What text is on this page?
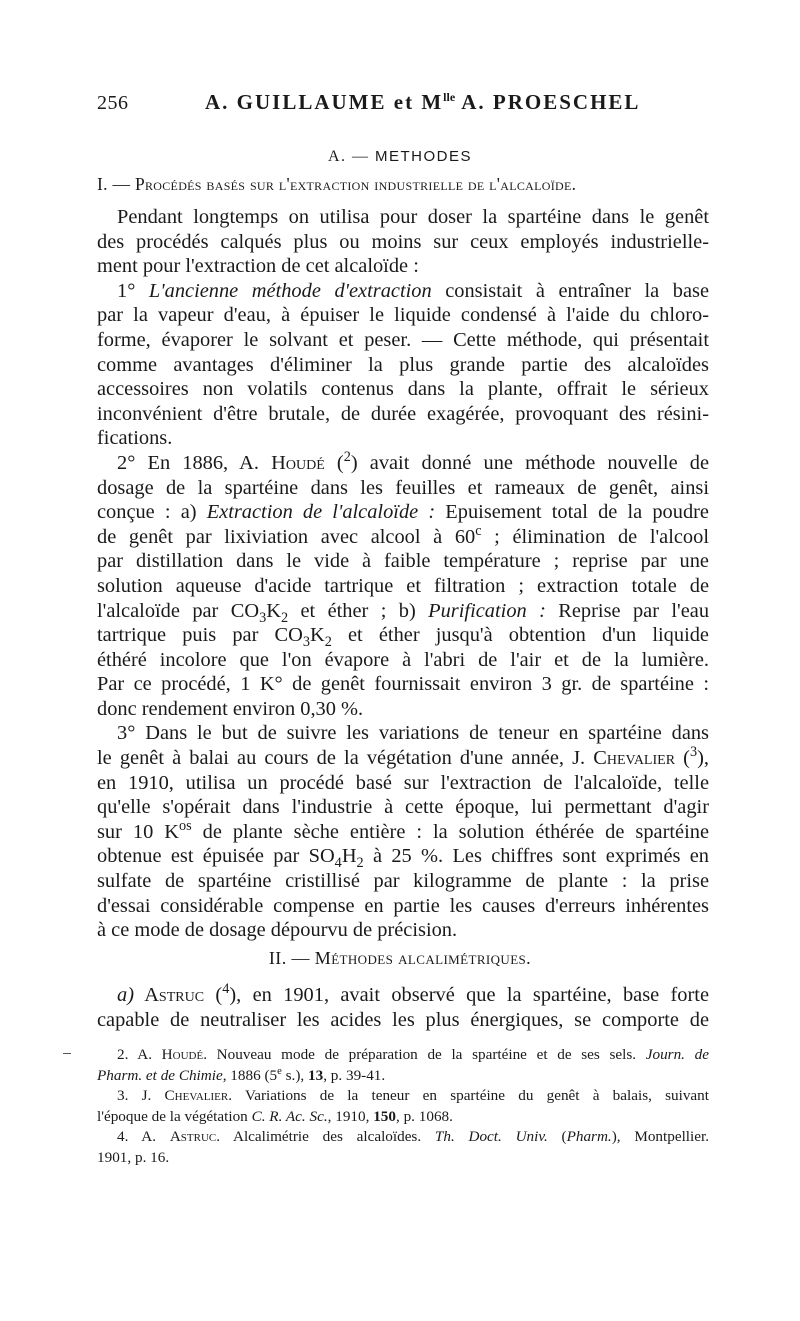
256	A. GUILLAUME et $M^{lle}$ A. PROESCHEL
A. — METHODES
I. — Procédés basés sur l'extraction industrielle de l'alcaloïde.

Pendant longtemps on utilisa pour doser la spartéine dans le genêt
des procédés calqués plus ou moins sur ceux employés industrielle-
ment pour l'extraction de cet alcaloïde :

1° L'ancienne méthode d'extraction consistait à entraîner la base
par la vapeur d'eau, à épuiser le liquide condensé à l'aide du chloro-
forme, évaporer le solvant et peser. — Cette méthode, qui présentait
comme avantages d'éliminer la plus grande partie des alcaloïdes
accessoires non volatils contenus dans la plante, offrait le sérieux
inconvénient d'être brutale, de durée exagérée, provoquant des résini-
fications.

2° En 1886, A. Houdé ($^2$) avait donné une méthode nouvelle de
dosage de la spartéine dans les feuilles et rameaux de genêt, ainsi
conçue : a) Extraction de l'alcaloïde : Epuisement total de la poudre
de genêt par lixiviation avec alcool à 60$^c$ ; élimination de l'alcool
par distillation dans le vide à faible température ; reprise par une
solution aqueuse d'acide tartrique et filtration ; extraction totale de
l'alcaloïde par $CO_3K_2$ et éther ; b) Purification : Reprise par l'eau
tartrique puis par $CO_3K_2$ et éther jusqu'à obtention d'un liquide
éthéré incolore que l'on évapore à l'abri de l'air et de la lumière.
Par ce procédé, 1 K° de genêt fournissait environ 3 gr. de spartéine :
donc rendement environ 0,30 %.

3° Dans le but de suivre les variations de teneur en spartéine dans
le genêt à balai au cours de la végétation d'une année, J. Chevalier ($^3$),
en 1910, utilisa un procédé basé sur l'extraction de l'alcaloïde, telle
qu'elle s'opérait dans l'industrie à cette époque, lui permettant d'agir
sur 10 $K^{os}$ de plante sèche entière : la solution éthérée de spartéine
obtenue est épuisée par $SO_4H_2$ à 25 %. Les chiffres sont exprimés en
sulfate de spartéine cristillisé par kilogramme de plante : la prise
d'essai considérable compense en partie les causes d'erreurs inhérentes
à ce mode de dosage dépourvu de précision.

II. — Méthodes alcalimétriques.
a) Astruc ($^4$), en 1901, avait observé que la spartéine, base forte
capable de neutraliser les acides les plus énergiques, se comporte de
2. A. Houdé. Nouveau mode de préparation de la spartéine et de ses sels. Journ. de
Pharm. et de Chimie, 1886 (5e s.), 13, p. 39-41.
3. J. Chevalier. Variations de la teneur en spartéine du genêt à balais, suivant
l'époque de la végétation C. R. Ac. Sc., 1910, 150, p. 1068.
4. A. Astruc. Alcalimétrie des alcaloïdes. Th. Doct. Univ. (Pharm.), Montpellier.
1901, p. 16.
